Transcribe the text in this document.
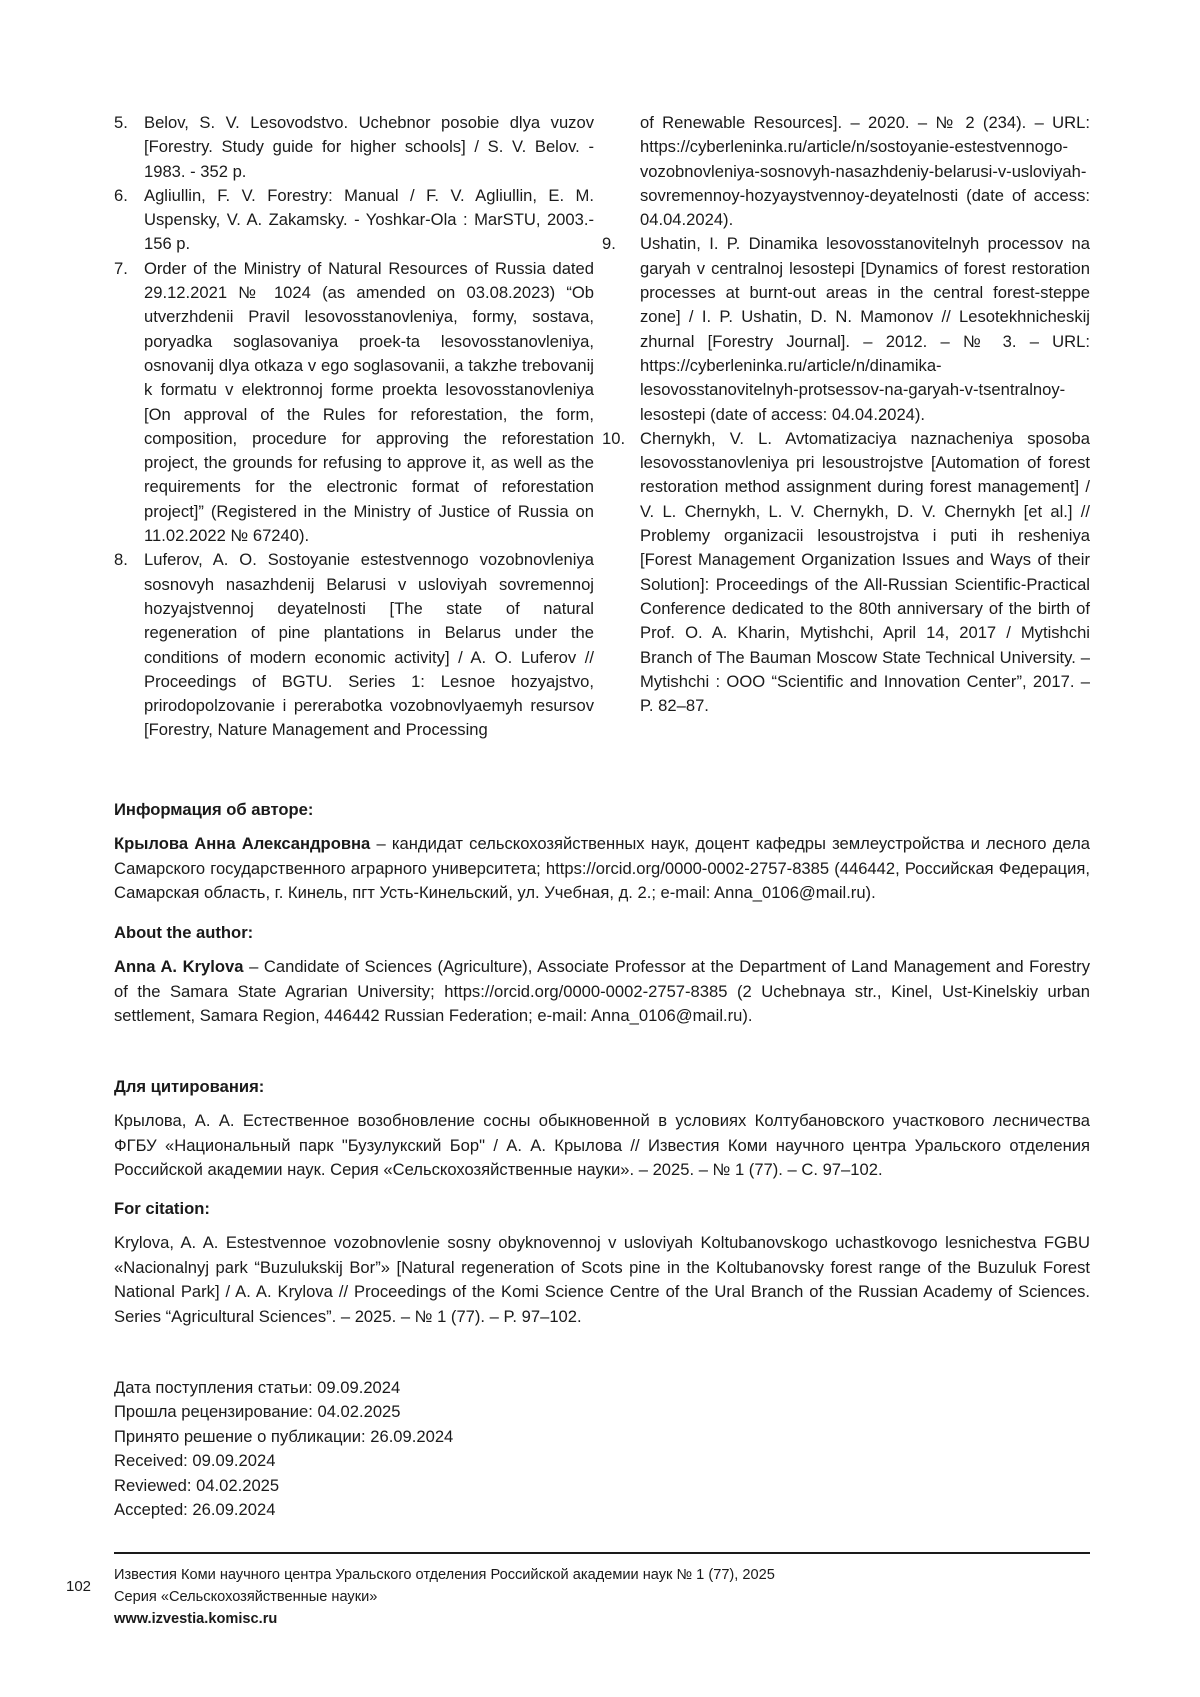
5. Belov, S. V. Lesovodstvo. Uchebnor posobie dlya vuzov [Forestry. Study guide for higher schools] / S. V. Belov. - 1983. - 352 p.
6. Agliullin, F. V. Forestry: Manual / F. V. Agliullin, E. M. Uspensky, V. A. Zakamsky. - Yoshkar-Ola : MarSTU, 2003.- 156 p.
7. Order of the Ministry of Natural Resources of Russia dated 29.12.2021 № 1024 (as amended on 03.08.2023) “Ob utverzhdenii Pravil lesovosstanovleniya, formy, sostava, poryadka soglasovaniya proek-ta lesovosstanovleniya, osnovanij dlya otkaza v ego soglasovanii, a takzhe trebovanij k formatu v elektronnoj forme proekta lesovosstanovleniya [On approval of the Rules for reforestation, the form, composition, procedure for approving the reforestation project, the grounds for refusing to approve it, as well as the requirements for the electronic format of reforestation project]” (Registered in the Ministry of Justice of Russia on 11.02.2022 № 67240).
8. Luferov, A. O. Sostoyanie estestvennogo vozobnovleniya sosnovyh nasazhdenij Belarusi v usloviyah sovremennoj hozyajstvennoj deyatelnosti [The state of natural regeneration of pine plantations in Belarus under the conditions of modern economic activity] / A. O. Luferov // Proceedings of BGTU. Series 1: Lesnoe hozyajstvo, prirodopolzovanie i pererabotka vozobnovlyaemyh resursov [Forestry, Nature Management and Processing
of Renewable Resources]. – 2020. – № 2 (234). – URL: https://cyberleninka.ru/article/n/sostoyanie-estestvennogo-vozobnovleniya-sosnovyh-nasazhdeniy-belarusi-v-usloviyah-sovremennoy-hozyaystvennoy-deyatelnosti (date of access: 04.04.2024).
9.	Ushatin, I. P. Dinamika lesovosstanovitelnyh processov na garyah v centralnoj lesostepi [Dynamics of forest restoration processes at burnt-out areas in the central forest-steppe zone] / I. P. Ushatin, D. N. Mamonov // Lesotekhnicheskij zhurnal [Forestry Journal]. – 2012. – № 3. – URL: https://cyberleninka.ru/article/n/dinamika-lesovosstanovitelnyh-protsessov-na-garyah-v-tsentralnoy-lesostepi (date of access: 04.04.2024).
10. Chernykh, V. L. Avtomatizaciya naznacheniya sposoba lesovosstanovleniya pri lesoustrojstve [Automation of forest restoration method assignment during forest management] / V. L. Chernykh, L. V. Chernykh, D. V. Chernykh [et al.] // Problemy organizacii lesoustrojstva i puti ih resheniya [Forest Management Organization Issues and Ways of their Solution]: Proceedings of the All-Russian Scientific-Practical Conference dedicated to the 80th anniversary of the birth of Prof. O. A. Kharin, Mytishchi, April 14, 2017 / Mytishchi Branch of The Bauman Moscow State Technical University. – Mytishchi : OOO “Scientific and Innovation Center”, 2017. – P. 82–87.

Информация об авторе:

Крылова Анна Александровна – кандидат сельскохозяйственных наук, доцент кафедры землеустройства и лесного дела Самарского государственного аграрного университета; https://orcid.org/0000-0002-2757-8385 (446442, Российская Федерация, Самарская область, г. Кинель, пгт Усть-Кинельский, ул. Учебная, д. 2.; e-mail: Anna_0106@mail.ru).

About the author:

Anna A. Krylova – Candidate of Sciences (Agriculture), Associate Professor at the Department of Land Management and Forestry of the Samara State Agrarian University; https://orcid.org/0000-0002-2757-8385 (2 Uchebnaya str., Kinel, Ust-Kinelskiy urban settlement, Samara Region, 446442 Russian Federation; e-mail: Anna_0106@mail.ru).

Для цитирования:

Крылова, А. А. Естественное возобновление сосны обыкновенной в условиях Колтубановского участкового лесничества ФГБУ «Национальный парк "Бузулукский Бор" / А. А. Крылова // Известия Коми научного центра Уральского отделения Российской академии наук. Серия «Сельскохозяйственные науки». – 2025. – № 1 (77). – С. 97–102.

For citation:

Krylova, A. A. Estestvennoe vozobnovlenie sosny obyknovennoj v usloviyah Koltubanovskogo uchastkovogo lesnichestva FGBU «Nacionalnyj park “Buzulukskij Bor”» [Natural regeneration of Scots pine in the Koltubanovsky forest range of the Buzuluk Forest National Park] / A. A. Krylova // Proceedings of the Komi Science Centre of the Ural Branch of the Russian Academy of Sciences. Series “Agricultural Sciences”. – 2025. – № 1 (77). – P. 97–102.

Дата поступления статьи: 09.09.2024
Прошла рецензирование: 04.02.2025
Принято решение о публикации: 26.09.2024
Received: 09.09.2024
Reviewed: 04.02.2025
Accepted: 26.09.2024
102
Известия Коми научного центра Уральского отделения Российской академии наук № 1 (77), 2025
Серия «Сельскохозяйственные науки»
www.izvestia.komisc.ru
